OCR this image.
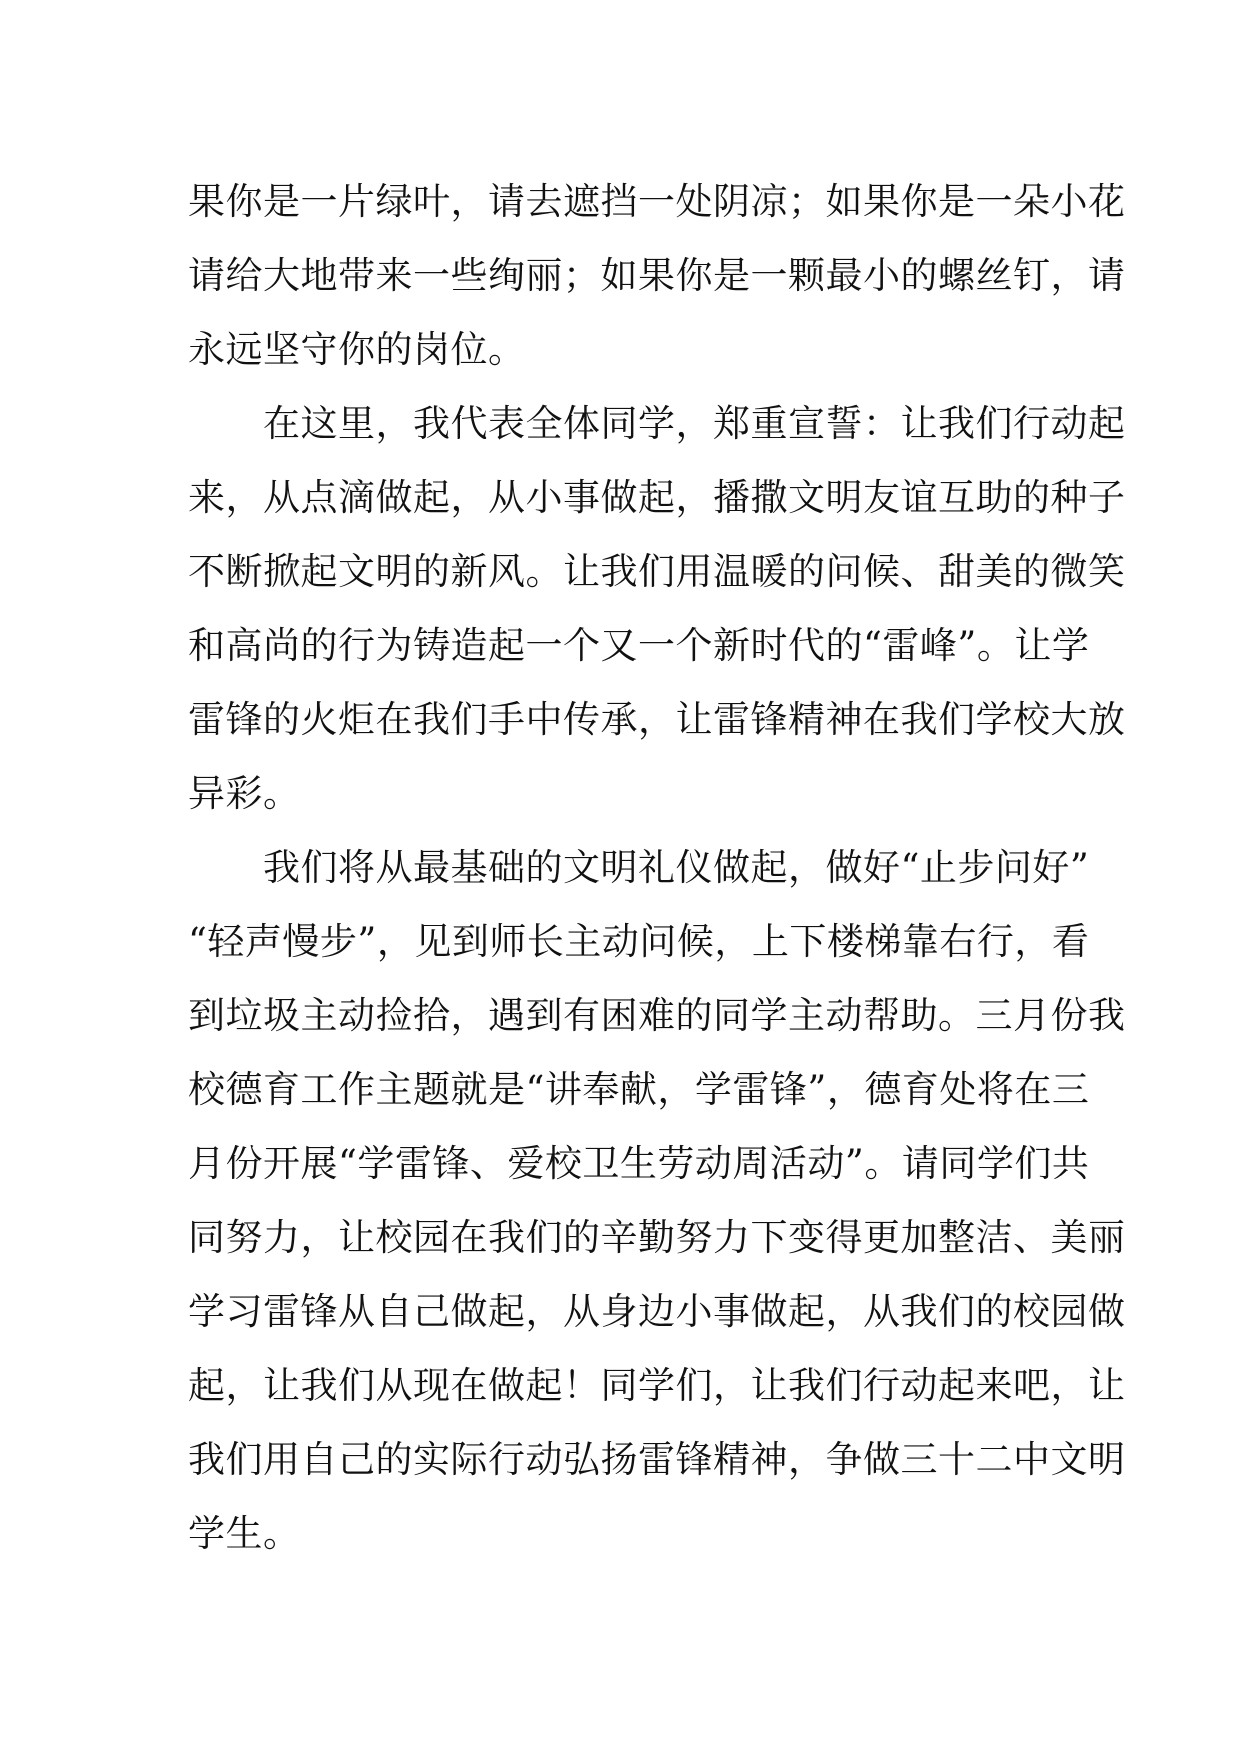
果你是一片绿叶，请去遮挡一处阴凉；如果你是一朵小花
请给大地带来一些绚丽；如果你是一颗最小的螺丝钉，请
永远坚守你的岗位。
　　在这里，我代表全体同学，郑重宣誓：让我们行动起
来，从点滴做起，从小事做起，播撒文明友谊互助的种子
不断掀起文明的新风。让我们用温暖的问候、甜美的微笑
和高尚的行为铸造起一个又一个新时代的“雷峰”。让学
雷锋的火炬在我们手中传承，让雷锋精神在我们学校大放
异彩。
　　我们将从最基础的文明礼仪做起，做好“止步问好”
“轻声慢步”，见到师长主动问候，上下楼梯靠右行，看
到垃圾主动捡拾，遇到有困难的同学主动帮助。三月份我
校德育工作主题就是“讲奉献，学雷锋”，德育处将在三
月份开展“学雷锋、爱校卫生劳动周活动”。请同学们共
同努力，让校园在我们的辛勤努力下变得更加整洁、美丽
学习雷锋从自己做起，从身边小事做起，从我们的校园做
起，让我们从现在做起！同学们，让我们行动起来吧，让
我们用自己的实际行动弘扬雷锋精神，争做三十二中文明
学生。
